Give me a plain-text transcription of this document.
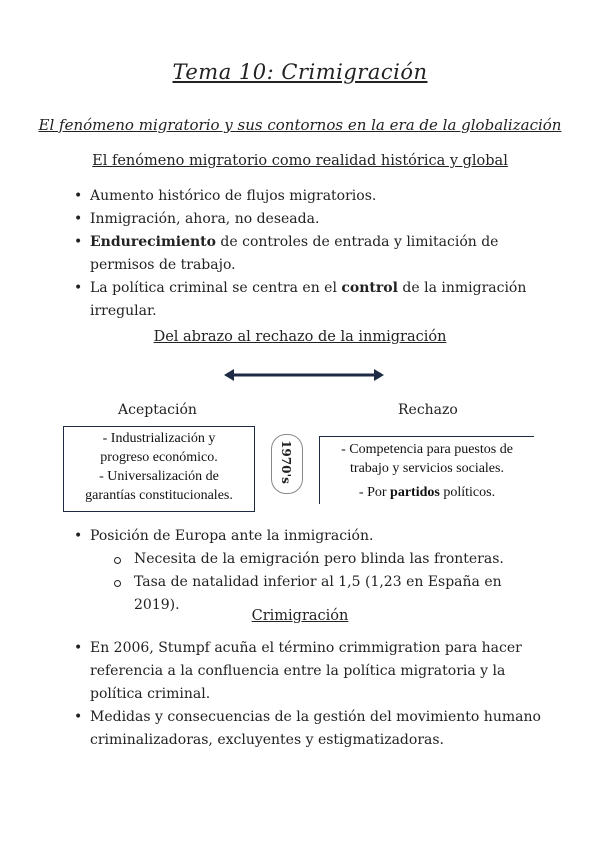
Tema 10: Crimigración
El fenómeno migratorio y sus contornos en la era de la globalización
El fenómeno migratorio como realidad histórica y global
• Aumento histórico de flujos migratorios.
• Inmigración, ahora, no deseada.
• Endurecimiento de controles de entrada y limitación de permisos de trabajo.
• La política criminal se centra en el control de la inmigración irregular.
Del abrazo al rechazo de la inmigración
Aceptación	Rechazo
- Industrialización y
progreso económico.
- Universalización de
garantías constitucionales.
1970's	- Competencia para puestos de
trabajo y servicios sociales.
- Por partidos políticos.
• Posición de Europa ante la inmigración.
Necesita de la emigración pero blinda las fronteras.
Tasa de natalidad inferior al 1,5 (1,23 en España en 2019).
Crimigración
• En 2006, Stumpf acuña el término crimmigration para hacer referencia a la confluencia entre la política migratoria y la política criminal.
• Medidas y consecuencias de la gestión del movimiento humano criminalizadoras, excluyentes y estigmatizadoras.
